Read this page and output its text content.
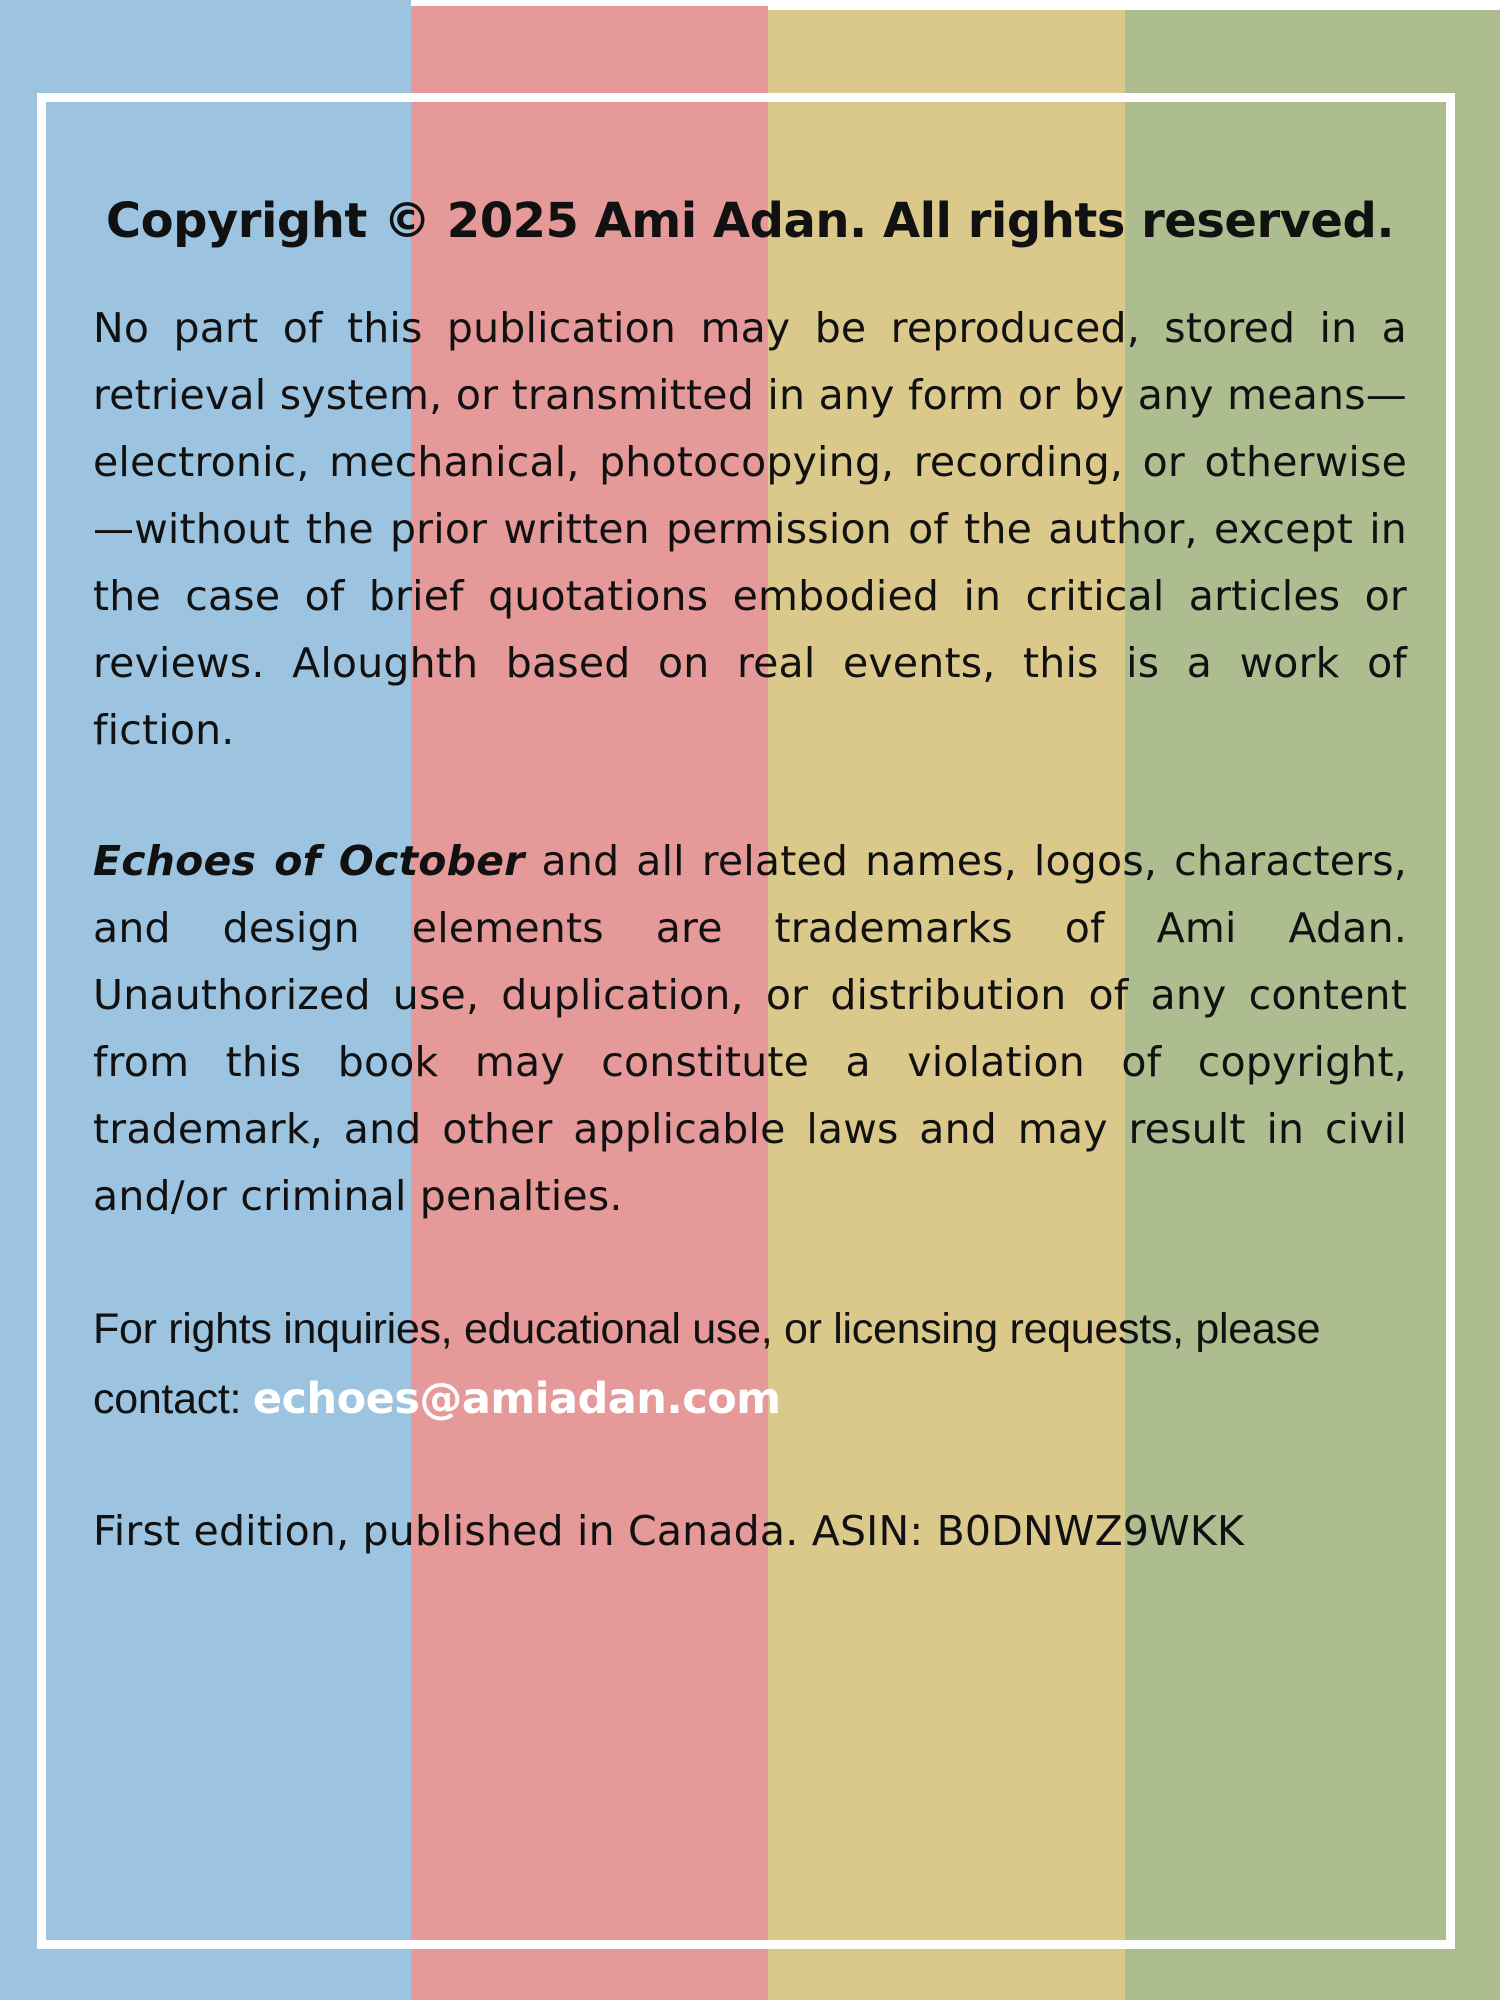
Copyright © 2025 Ami Adan. All rights reserved.

No part of this publication may be reproduced, stored in a retrieval system, or transmitted in any form or by any means—electronic, mechanical, photocopying, recording, or otherwise—without the prior written permission of the author, except in the case of brief quotations embodied in critical articles or reviews. Aloughth based on real events, this is a work of fiction.

Echoes of October and all related names, logos, characters, and design elements are trademarks of Ami Adan. Unauthorized use, duplication, or distribution of any content from this book may constitute a violation of copyright, trademark, and other applicable laws and may result in civil and/or criminal penalties.

For rights inquiries, educational use, or licensing requests, please contact: echoes@amiadan.com

First edition, published in Canada. ASIN: B0DNWZ9WKK
